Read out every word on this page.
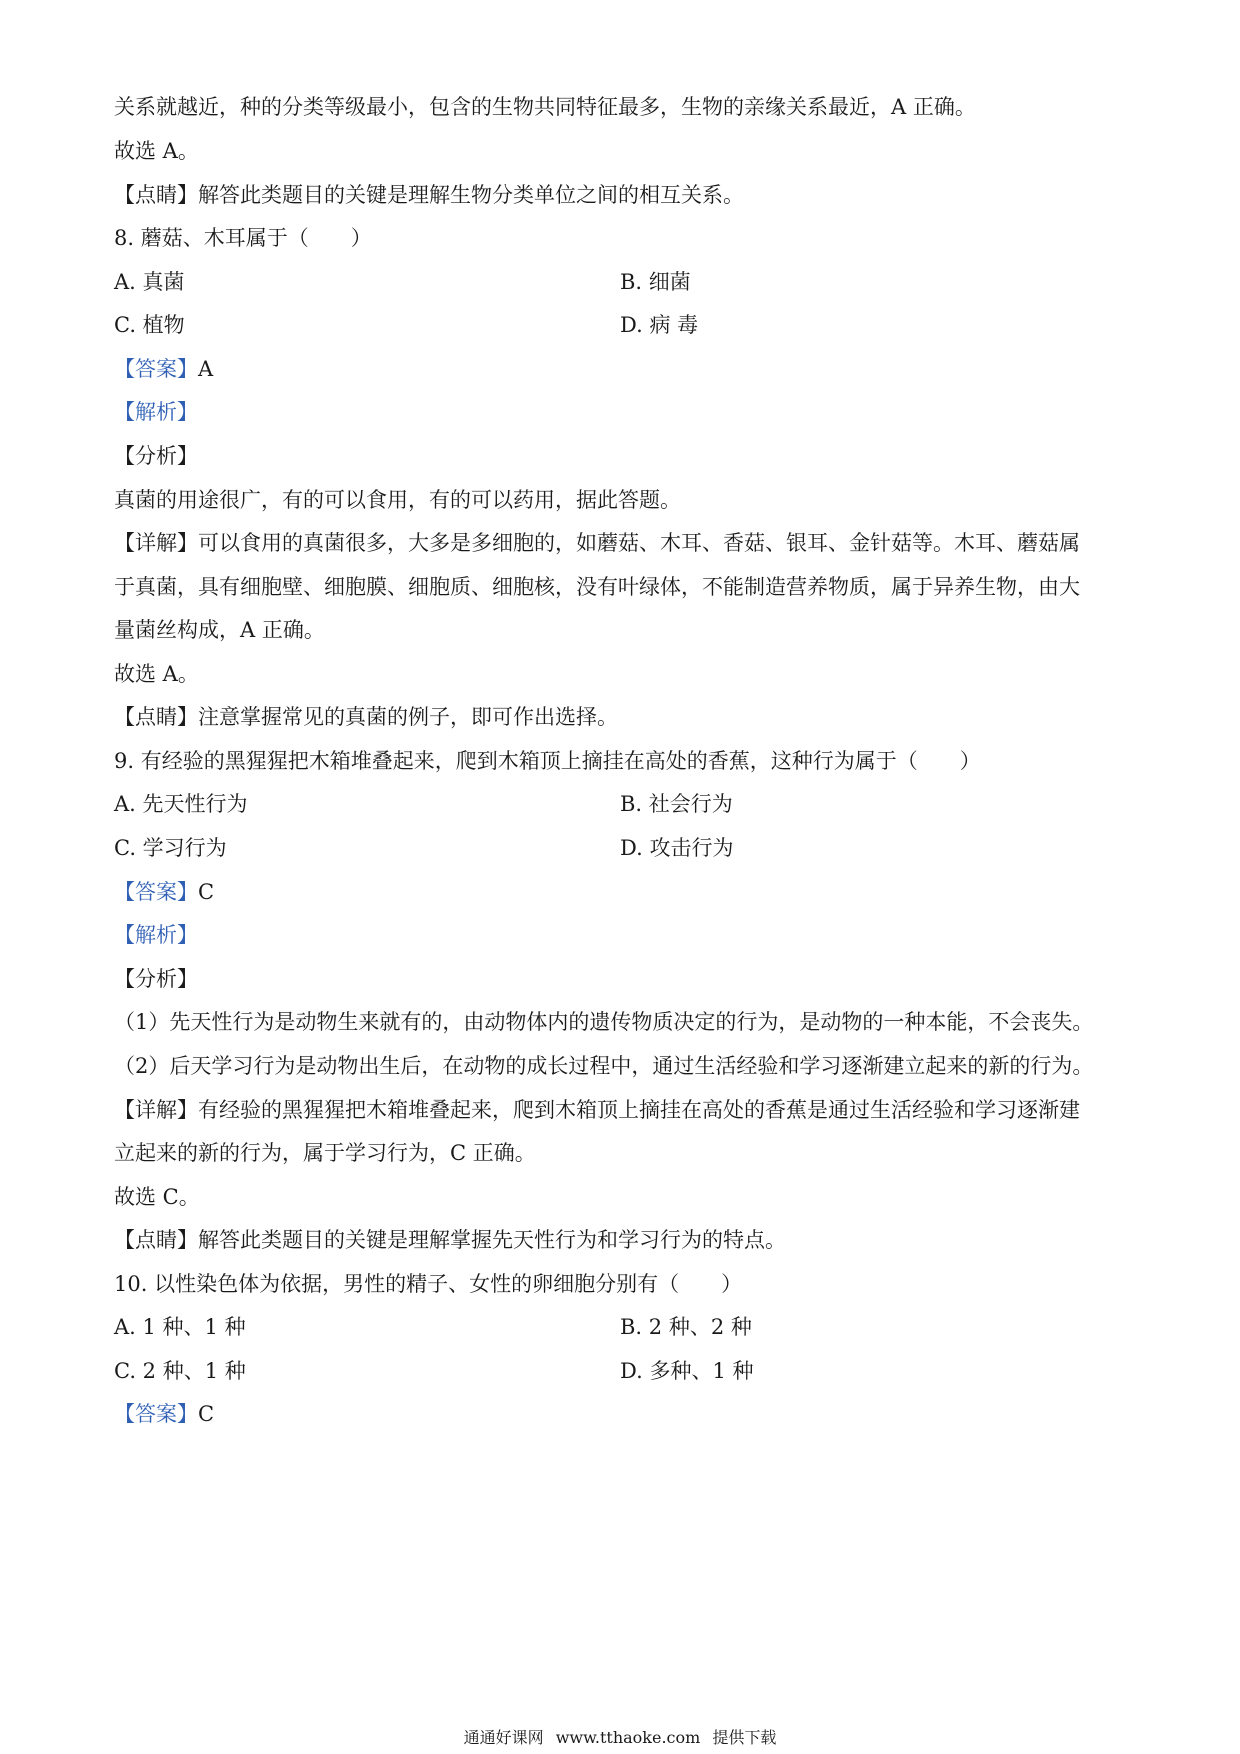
关系就越近，种的分类等级最小，包含的生物共同特征最多，生物的亲缘关系最近，A 正确。
故选 A。
【点睛】解答此类题目的关键是理解生物分类单位之间的相互关系。
8. 蘑菇、木耳属于（　　）
A. 真菌	B. 细菌
C. 植物	D. 病 毒
【答案】A
【解析】
【分析】
真菌的用途很广，有的可以食用，有的可以药用，据此答题。
【详解】可以食用的真菌很多，大多是多细胞的，如蘑菇、木耳、香菇、银耳、金针菇等。木耳、蘑菇属
于真菌，具有细胞壁、细胞膜、细胞质、细胞核，没有叶绿体，不能制造营养物质，属于异养生物，由大
量菌丝构成，A 正确。
故选 A。
【点睛】注意掌握常见的真菌的例子，即可作出选择。
9. 有经验的黑猩猩把木箱堆叠起来，爬到木箱顶上摘挂在高处的香蕉，这种行为属于（　　）
A. 先天性行为	B. 社会行为
C. 学习行为	D. 攻击行为
【答案】C
【解析】
【分析】
（1）先天性行为是动物生来就有的，由动物体内的遗传物质决定的行为，是动物的一种本能，不会丧失。
（2）后天学习行为是动物出生后，在动物的成长过程中，通过生活经验和学习逐渐建立起来的新的行为。
【详解】有经验的黑猩猩把木箱堆叠起来，爬到木箱顶上摘挂在高处的香蕉是通过生活经验和学习逐渐建
立起来的新的行为，属于学习行为，C 正确。
故选 C。
【点睛】解答此类题目的关键是理解掌握先天性行为和学习行为的特点。
10. 以性染色体为依据，男性的精子、女性的卵细胞分别有（　　）
A. 1 种、1 种	B. 2 种、2 种
C. 2 种、1 种	D. 多种、1 种
【答案】C
通通好课网 www.tthaoke.com 提供下载
